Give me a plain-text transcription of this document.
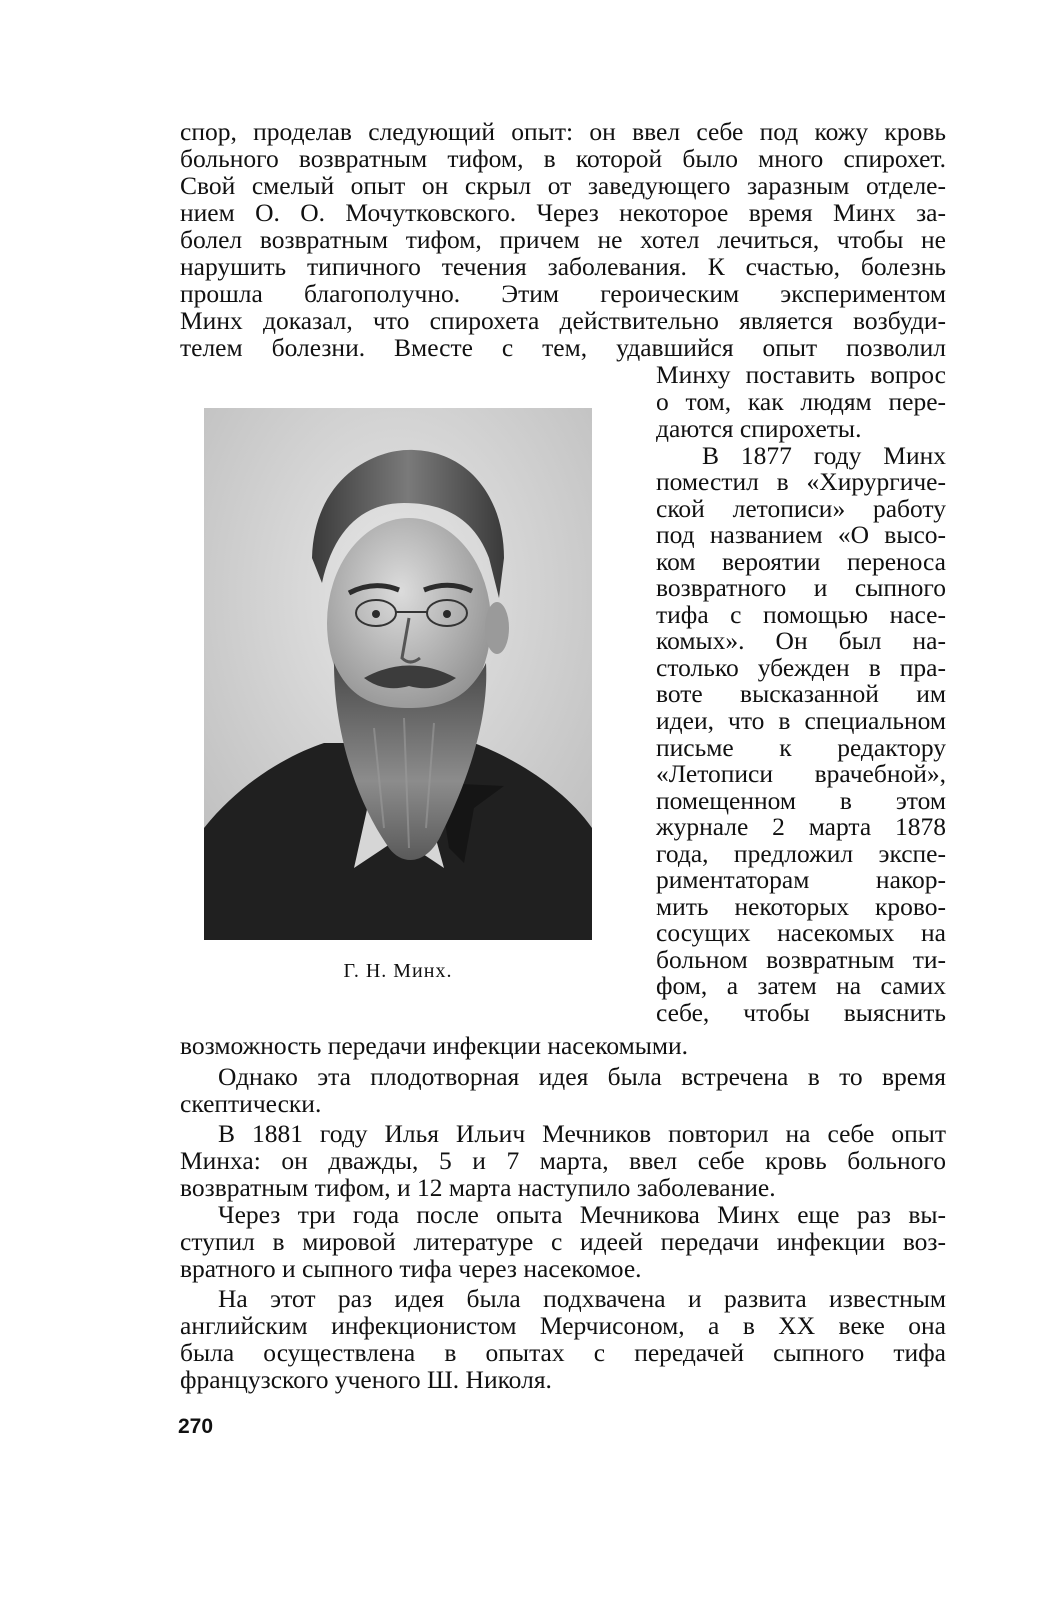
спор, проделав следующий опыт: он ввел себе под кожу кровь
больного возвратным тифом, в которой было много спирохет.
Свой смелый опыт он скрыл от заведующего заразным отделе-
нием О. О. Мочутковского. Через некоторое время Минх за-
болел возвратным тифом, причем не хотел лечиться, чтобы не
нарушить типичного течения заболевания. К счастью, болезнь
прошла благополучно. Этим героическим экспериментом
Минх доказал, что спирохета действительно является возбуди-
телем болезни. Вместе с тем, удавшийся опыт позволил
Минху поставить вопрос
о том, как людям пере-
даются спирохеты.
В 1877 году Минх
поместил в «Хирургиче-
ской летописи» работу
под названием «О высо-
ком вероятии переноса
возвратного и сыпного
тифа с помощью насе-
комых». Он был на-
столько убежден в пра-
воте высказанной им
идеи, что в специальном
письме к редактору
«Летописи врачебной»,
помещенном в этом
журнале 2 марта 1878
года, предложил экспе-
риментаторам накор-
мить некоторых крово-
сосущих насекомых на
больном возвратным ти-
фом, а затем на самих
себе, чтобы выяснить
Г. Н. Минх.
возможность передачи инфекции насекомыми.
Однако эта плодотворная идея была встречена в то время
скептически.
В 1881 году Илья Ильич Мечников повторил на себе опыт
Минха: он дважды, 5 и 7 марта, ввел себе кровь больного
возвратным тифом, и 12 марта наступило заболевание.
Через три года после опыта Мечникова Минх еще раз вы-
ступил в мировой литературе с идеей передачи инфекции воз-
вратного и сыпного тифа через насекомое.
На этот раз идея была подхвачена и развита известным
английским инфекционистом Мерчисоном, а в XX веке она
была осуществлена в опытах с передачей сыпного тифа
французского ученого Ш. Николя.
270
